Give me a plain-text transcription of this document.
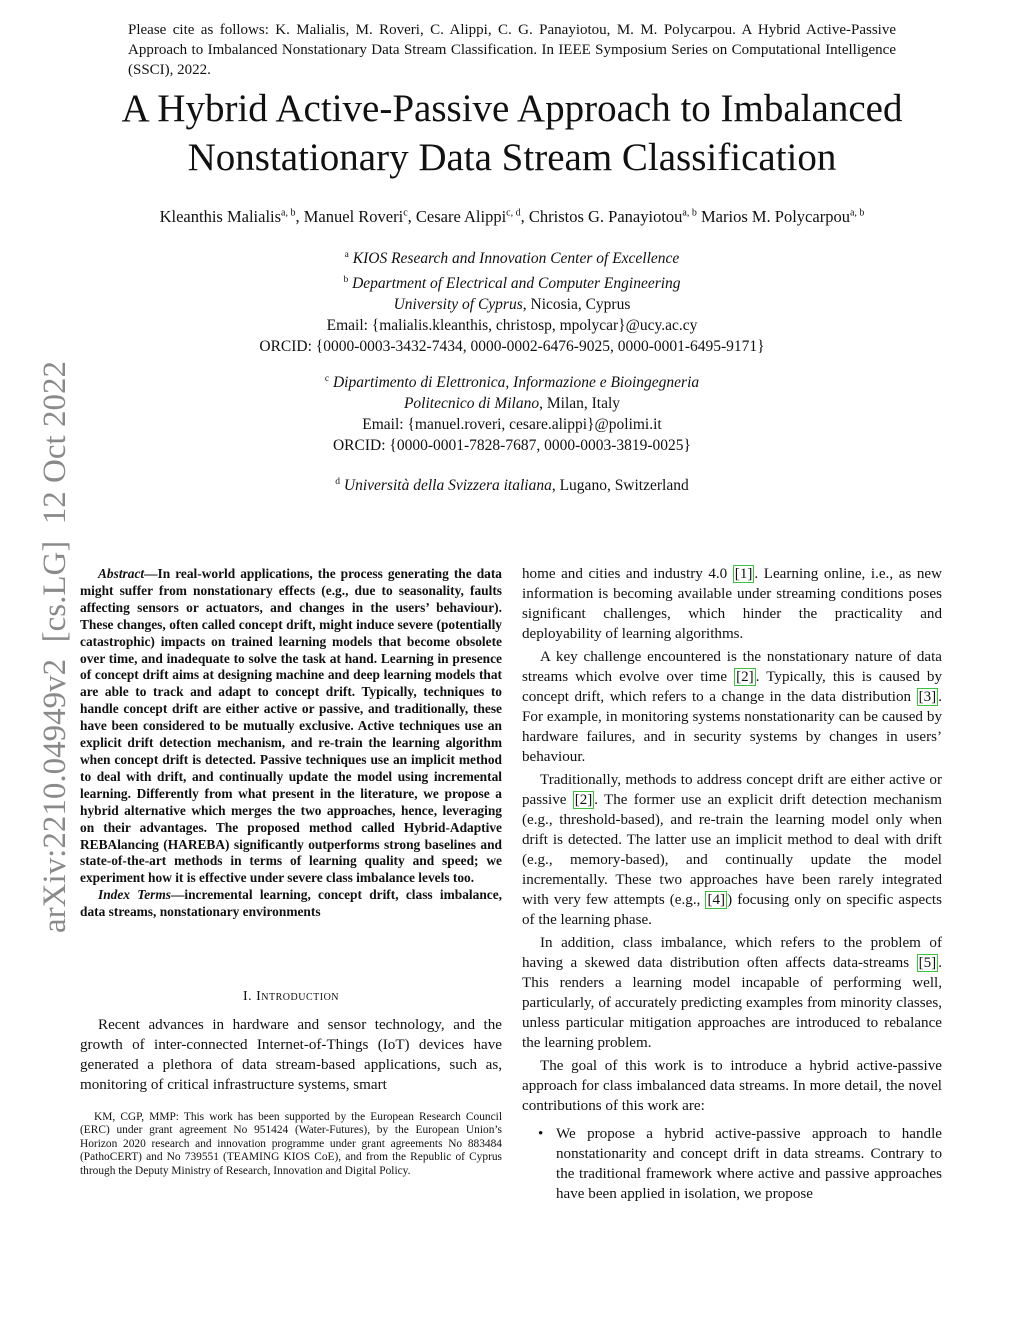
Please cite as follows: K. Malialis, M. Roveri, C. Alippi, C. G. Panayiotou, M. M. Polycarpou. A Hybrid Active-Passive Approach to Imbalanced Nonstationary Data Stream Classification. In IEEE Symposium Series on Computational Intelligence (SSCI), 2022.
A Hybrid Active-Passive Approach to Imbalanced
Nonstationary Data Stream Classification
Kleanthis Malialis$^{a, b}$, Manuel Roveri$^c$, Cesare Alippi$^{c, d}$, Christos G. Panayiotou$^{a, b}$ Marios M. Polycarpou$^{a, b}$
$^a$ KIOS Research and Innovation Center of Excellence
$^b$ Department of Electrical and Computer Engineering
University of Cyprus, Nicosia, Cyprus
Email: {malialis.kleanthis, christosp, mpolycar}@ucy.ac.cy
ORCID: {0000-0003-3432-7434, 0000-0002-6476-9025, 0000-0001-6495-9171}
$^c$ Dipartimento di Elettronica, Informazione e Bioingegneria
Politecnico di Milano, Milan, Italy
Email: {manuel.roveri, cesare.alippi}@polimi.it
ORCID: {0000-0001-7828-7687, 0000-0003-3819-0025}
$^d$ Università della Svizzera italiana, Lugano, Switzerland
arXiv:2210.04949v2  [cs.LG]  12 Oct 2022	Abstract—In real-world applications, the process generating the data might suffer from nonstationary effects (e.g., due to seasonality, faults affecting sensors or actuators, and changes in the users’ behaviour). These changes, often called concept drift, might induce severe (potentially catastrophic) impacts on trained learning models that become obsolete over time, and inadequate to solve the task at hand. Learning in presence of concept drift aims at designing machine and deep learning models that are able to track and adapt to concept drift. Typically, techniques to handle concept drift are either active or passive, and traditionally, these have been considered to be mutually exclusive. Active techniques use an explicit drift detection mechanism, and re-train the learning algorithm when concept drift is detected. Passive techniques use an implicit method to deal with drift, and continually update the model using incremental learning. Differently from what present in the literature, we propose a hybrid alternative which merges the two approaches, hence, leveraging on their advantages. The proposed method called Hybrid-Adaptive REBAlancing (HAREBA) significantly outperforms strong baselines and state-of-the-art methods in terms of learning quality and speed; we experiment how it is effective under severe class imbalance levels too.

Index Terms—incremental learning, concept drift, class imbalance, data streams, nonstationary environments

I. Introduction

Recent advances in hardware and sensor technology, and the growth of inter-connected Internet-of-Things (IoT) devices have generated a plethora of data stream-based applications, such as, monitoring of critical infrastructure systems, smart

KM, CGP, MMP: This work has been supported by the European Research Council (ERC) under grant agreement No 951424 (Water-Futures), by the European Union’s Horizon 2020 research and innovation programme under grant agreements No 883484 (PathoCERT) and No 739551 (TEAMING KIOS CoE), and from the Republic of Cyprus through the Deputy Ministry of Research, Innovation and Digital Policy.

home and cities and industry 4.0 [1] . Learning online, i.e., as new information is becoming available under streaming conditions poses significant challenges, which hinder the practicality and deployability of learning algorithms.

A key challenge encountered is the nonstationary nature of data streams which evolve over time [2] . Typically, this is caused by concept drift, which refers to a change in the data distribution [3] . For example, in monitoring systems nonstationarity can be caused by hardware failures, and in security systems by changes in users’ behaviour.

Traditionally, methods to address concept drift are either active or passive [2] . The former use an explicit drift detection mechanism (e.g., threshold-based), and re-train the learning model only when drift is detected. The latter use an implicit method to deal with drift (e.g., memory-based), and continually update the model incrementally. These two approaches have been rarely integrated with very few attempts (e.g., [4] ) focusing only on specific aspects of the learning phase.

In addition, class imbalance, which refers to the problem of having a skewed data distribution often affects data-streams [5] . This renders a learning model incapable of performing well, particularly, of accurately predicting examples from minority classes, unless particular mitigation approaches are introduced to rebalance the learning problem.

The goal of this work is to introduce a hybrid active-passive approach for class imbalanced data streams. In more detail, the novel contributions of this work are:

• We propose a hybrid active-passive approach to handle nonstationarity and concept drift in data streams. Contrary to the traditional framework where active and passive approaches have been applied in isolation, we propose
